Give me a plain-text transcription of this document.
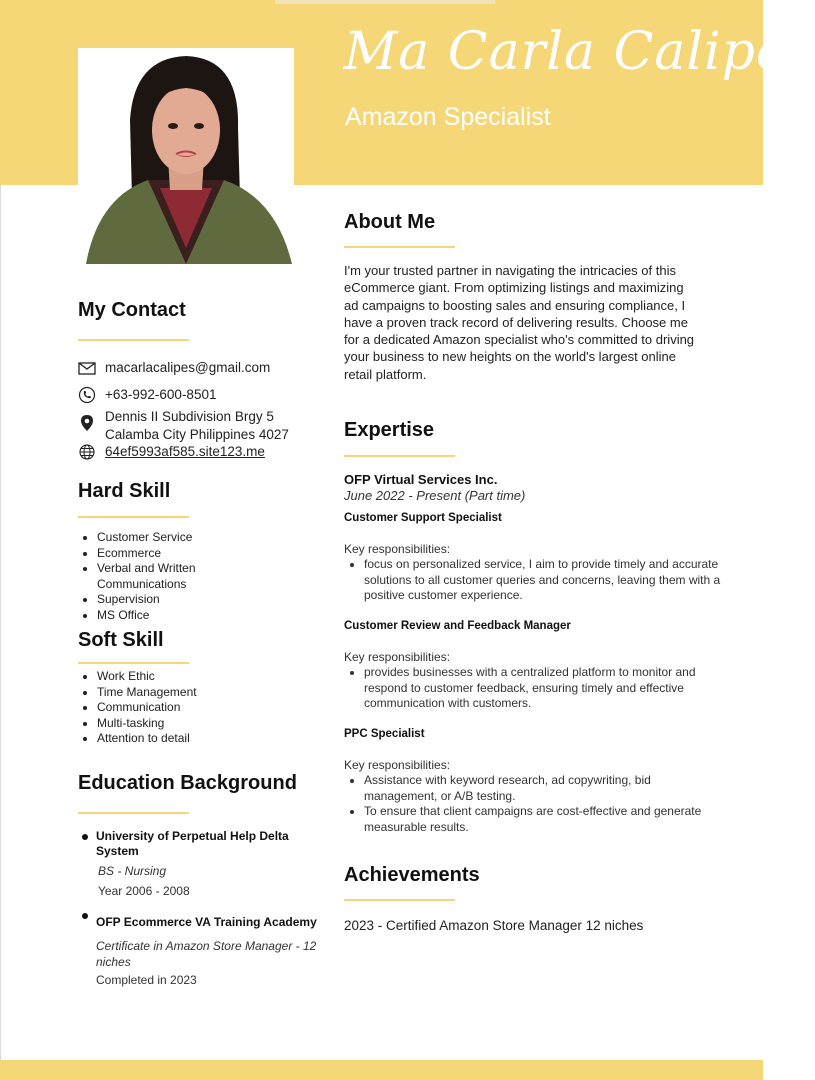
Ma Carla Calipes
Amazon Specialist
My Contact
macarlacalipes@gmail.com
+63-992-600-8501
Dennis II Subdivision Brgy 5
Calamba City Philippines 4027
64ef5993af585.site123.me
Hard Skill
• Customer Service
• Ecommerce
• Verbal and Written Communications
• Supervision
• MS Office
Soft Skill
• Work Ethic
• Time Management
• Communication
• Multi-tasking
• Attention to detail
Education Background
University of Perpetual Help Delta System
BS - Nursing
Year 2006 - 2008
OFP Ecommerce VA Training Academy
Certificate in Amazon Store Manager - 12 niches
Completed in 2023
About Me
I'm your trusted partner in navigating the intricacies of this eCommerce giant. From optimizing listings and maximizing ad campaigns to boosting sales and ensuring compliance, I have a proven track record of delivering results. Choose me for a dedicated Amazon specialist who's committed to driving your business to new heights on the world's largest online retail platform.
Expertise
OFP Virtual Services Inc.
June 2022 - Present (Part time)
Customer Support Specialist
Key responsibilities:
• focus on personalized service, I aim to provide timely and accurate solutions to all customer queries and concerns, leaving them with a positive customer experience.
Customer Review and Feedback Manager
Key responsibilities:
• provides businesses with a centralized platform to monitor and respond to customer feedback, ensuring timely and effective communication with customers.
PPC Specialist
Key responsibilities:
• Assistance with keyword research, ad copywriting, bid management, or A/B testing.
• To ensure that client campaigns are cost-effective and generate measurable results.
Achievements
2023 - Certified Amazon Store Manager 12 niches
